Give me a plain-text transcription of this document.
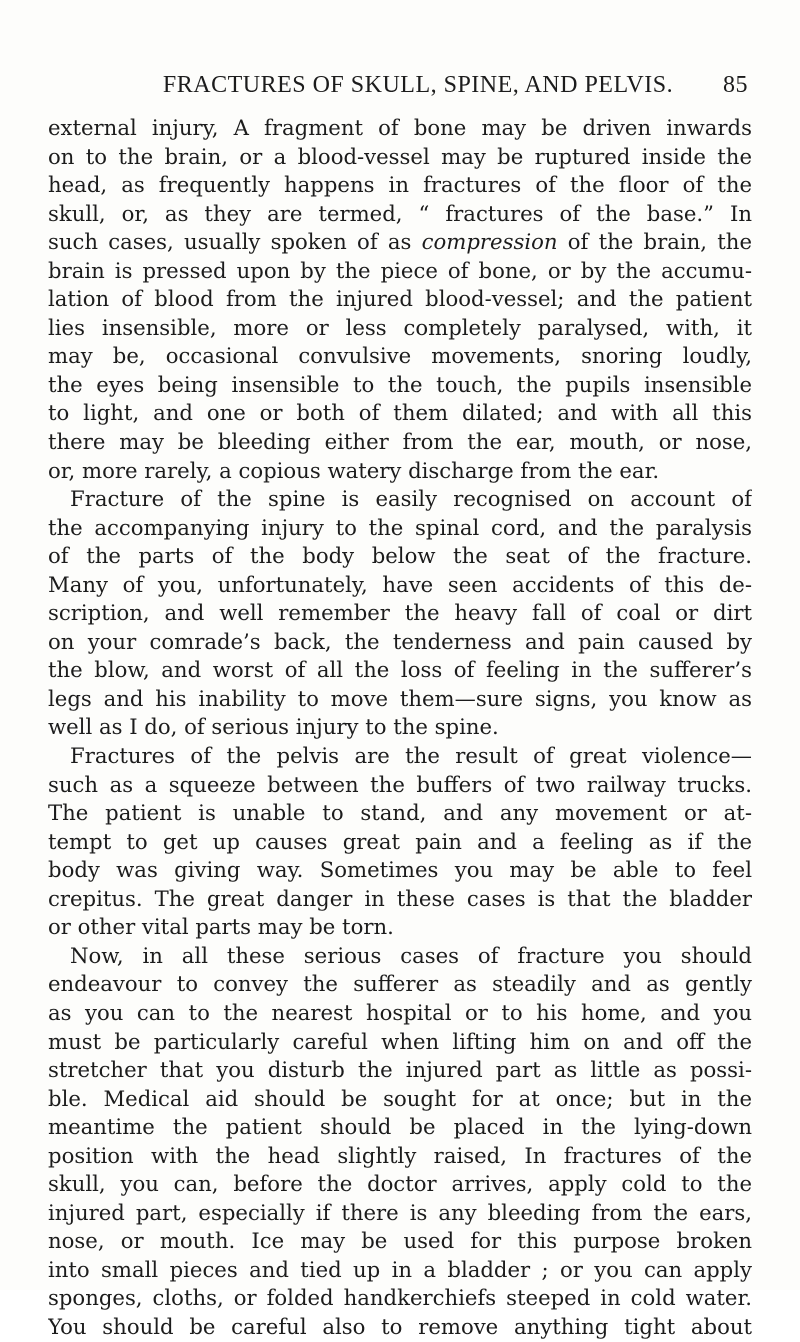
FRACTURES OF SKULL, SPINE, AND PELVIS.	85
external injury, A fragment of bone may be driven inwards
on to the brain, or a blood-vessel may be ruptured inside the
head, as frequently happens in fractures of the floor of the
skull, or, as they are termed, “ fractures of the base.” In
such cases, usually spoken of as compression of the brain, the
brain is pressed upon by the piece of bone, or by the accumu-
lation of blood from the injured blood-vessel; and the patient
lies insensible, more or less completely paralysed, with, it
may be, occasional convulsive movements, snoring loudly,
the eyes being insensible to the touch, the pupils insensible
to light, and one or both of them dilated; and with all this
there may be bleeding either from the ear, mouth, or nose,
or, more rarely, a copious watery discharge from the ear.
Fracture of the spine is easily recognised on account of
the accompanying injury to the spinal cord, and the paralysis
of the parts of the body below the seat of the fracture.
Many of you, unfortunately, have seen accidents of this de-
scription, and well remember the heavy fall of coal or dirt
on your comrade’s back, the tenderness and pain caused by
the blow, and worst of all the loss of feeling in the sufferer’s
legs and his inability to move them—sure signs, you know as
well as I do, of serious injury to the spine.
Fractures of the pelvis are the result of great violence—
such as a squeeze between the buffers of two railway trucks.
The patient is unable to stand, and any movement or at-
tempt to get up causes great pain and a feeling as if the
body was giving way. Sometimes you may be able to feel
crepitus. The great danger in these cases is that the bladder
or other vital parts may be torn.
Now, in all these serious cases of fracture you should
endeavour to convey the sufferer as steadily and as gently
as you can to the nearest hospital or to his home, and you
must be particularly careful when lifting him on and off the
stretcher that you disturb the injured part as little as possi-
ble. Medical aid should be sought for at once; but in the
meantime the patient should be placed in the lying-down
position with the head slightly raised, In fractures of the
skull, you can, before the doctor arrives, apply cold to the
injured part, especially if there is any bleeding from the ears,
nose, or mouth. Ice may be used for this purpose broken
into small pieces and tied up in a bladder ; or you can apply
sponges, cloths, or folded handkerchiefs steeped in cold water.
You should be careful also to remove anything tight about
